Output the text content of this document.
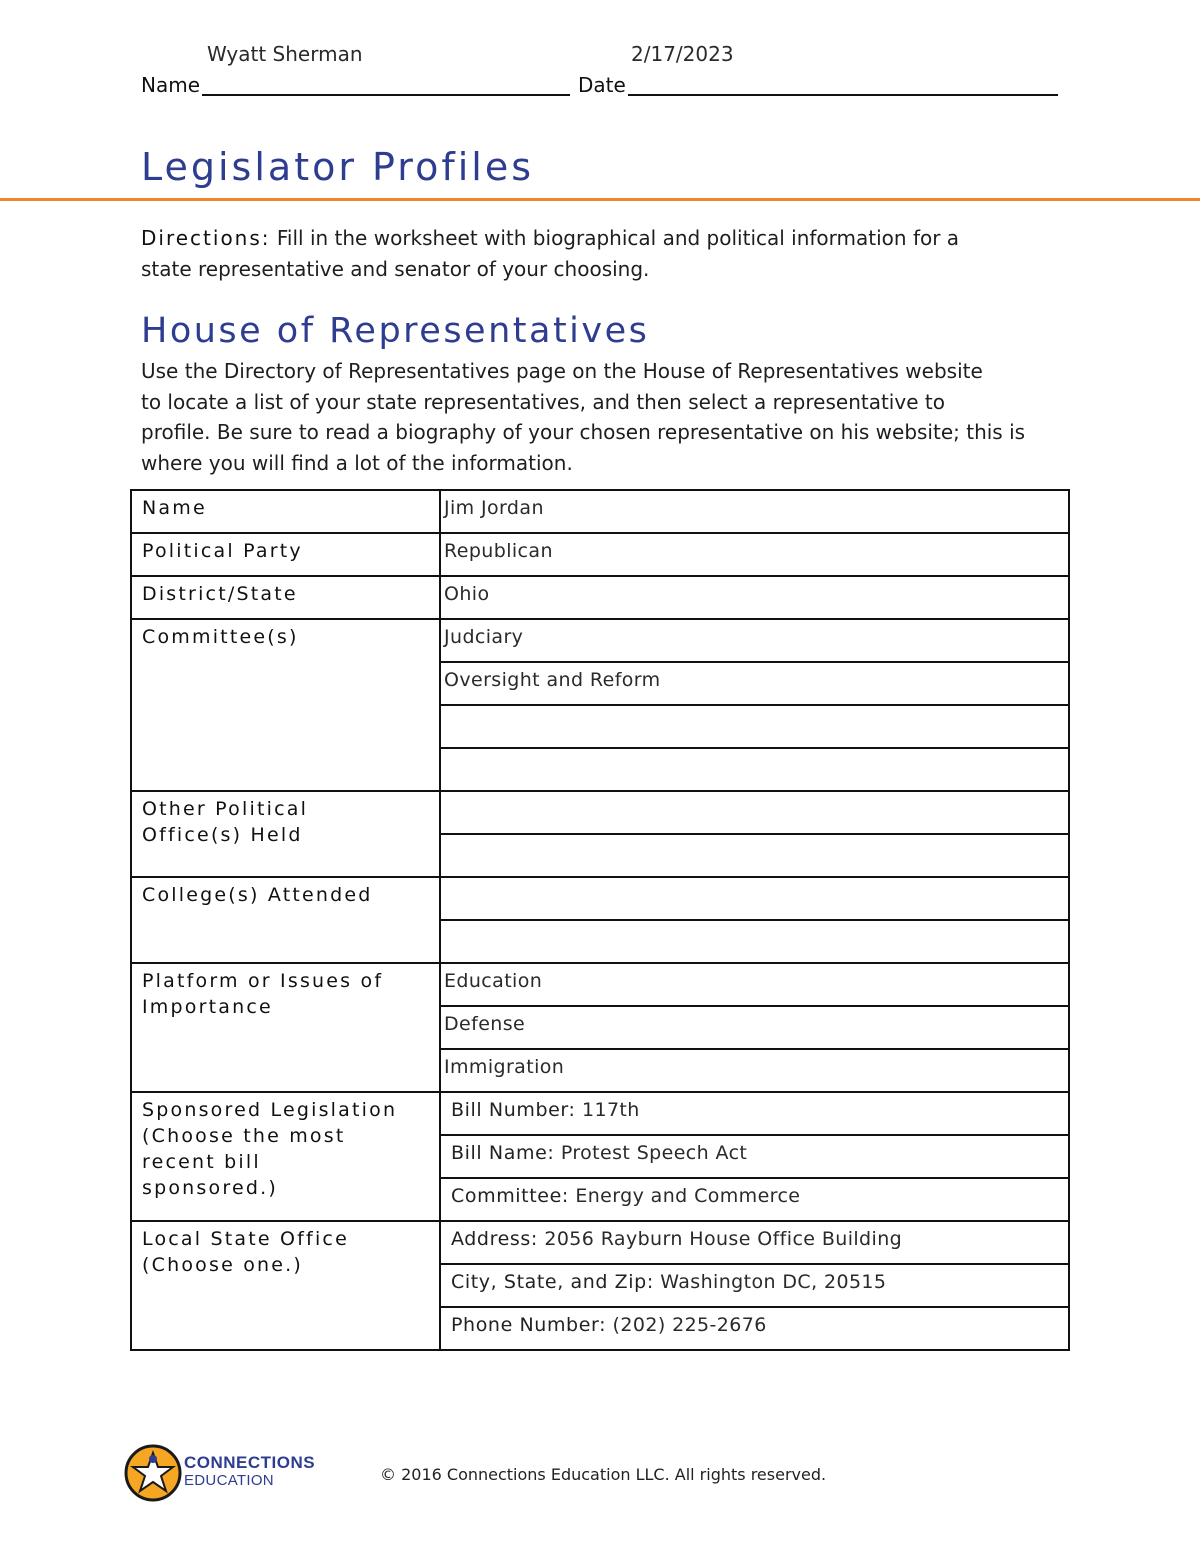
Wyatt Sherman	2/17/2023
Name	Date
Legislator Profiles
Directions: Fill in the worksheet with biographical and political information for a
state representative and senator of your choosing.
House of Representatives
Use the Directory of Representatives page on the House of Representatives website
to locate a list of your state representatives, and then select a representative to
profile. Be sure to read a biography of your chosen representative on his website; this is
where you will find a lot of the information.
Name	Jim Jordan
Political Party	Republican
District/State	Ohio
Committee(s)	Judciary
	Oversight and Reform

Other Political
Office(s) Held	

College(s) Attended	

Platform or Issues of
Importance	Education
	Defense
	Immigration

Sponsored Legislation
(Choose the most
recent bill
sponsored.)	Bill Number: 117th
	Bill Name: Protest Speech Act
	Committee: Energy and Commerce

Local State Office
(Choose one.)	Address: 2056 Rayburn House Office Building
	City, State, and Zip: Washington DC, 20515
	Phone Number: (202) 225-2676
CONNECTIONS
EDUCATION	© 2016 Connections Education LLC. All rights reserved.
